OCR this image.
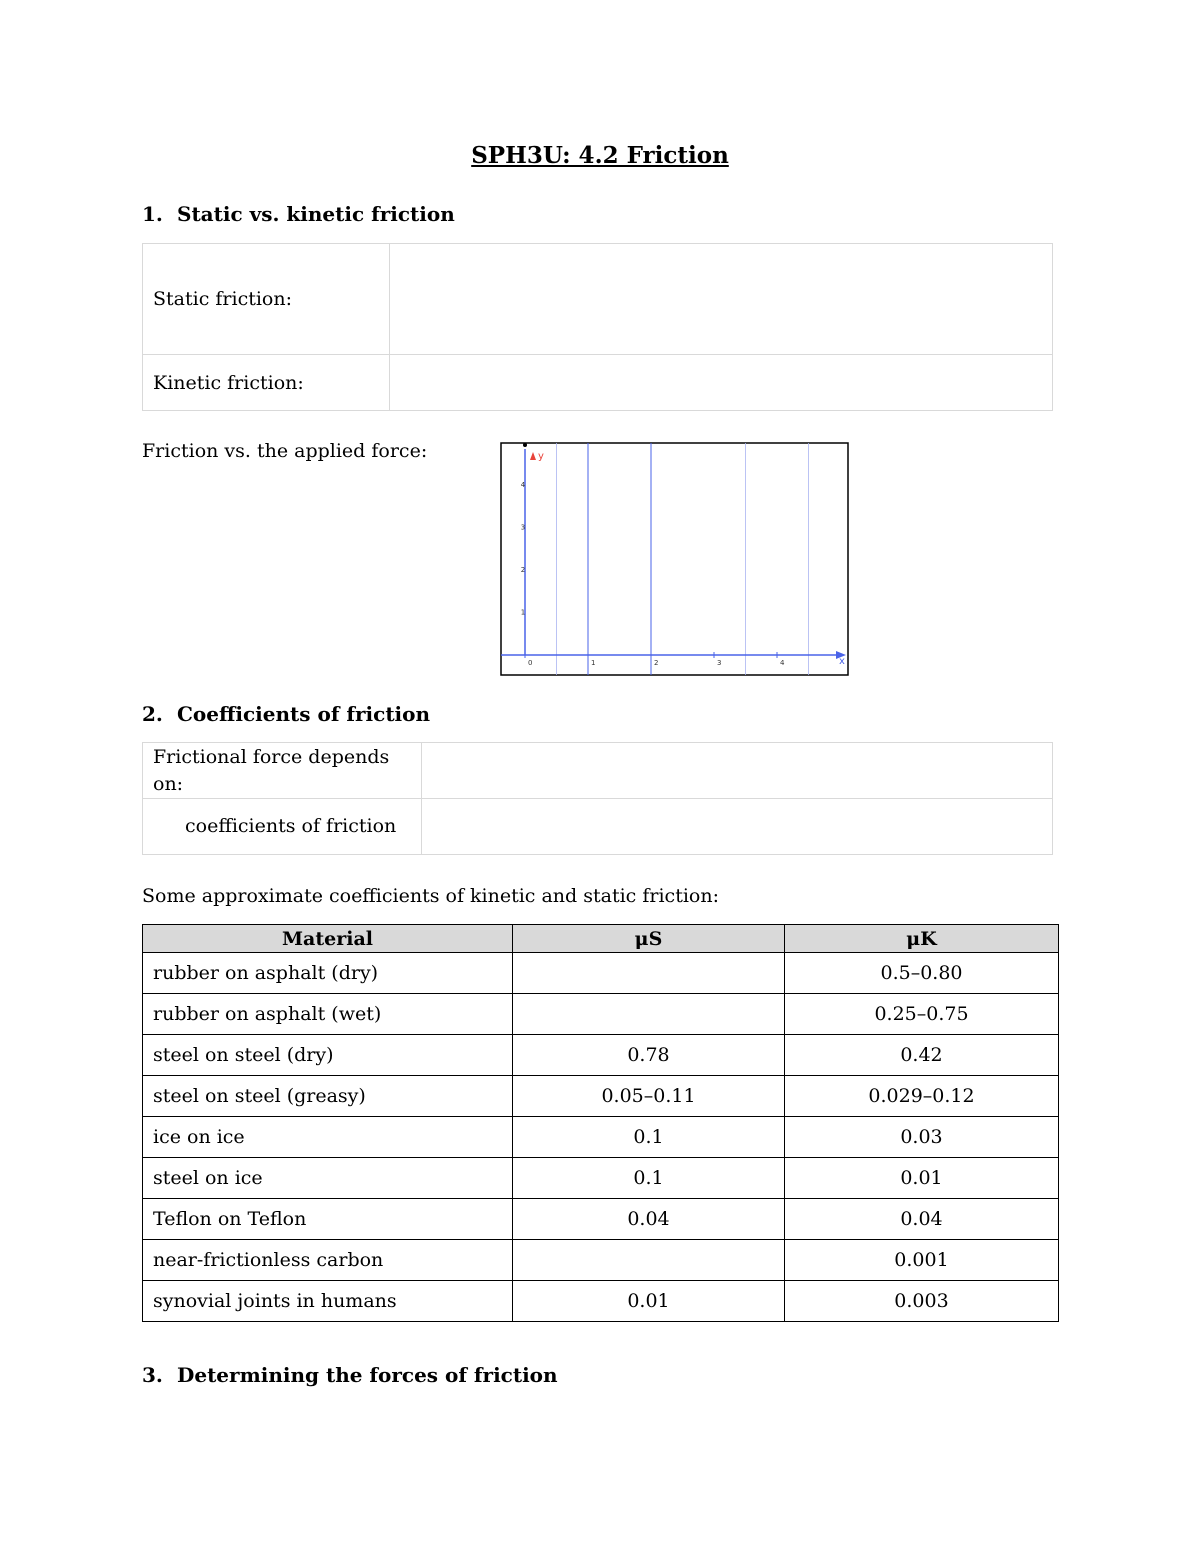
SPH3U: 4.2 Friction
1. Static vs. kinetic friction
Static friction:	
Kinetic friction:	
Friction vs. the applied force:
x
y
0	1	2	3	4
1
2
3
4
2. Coefficients of friction
Frictional force depends on:	
coefficients of friction	
Some approximate coefficients of kinetic and static friction:
Material	μS	μK
rubber on asphalt (dry)		0.5–0.80
rubber on asphalt (wet)		0.25–0.75
steel on steel (dry)	0.78	0.42
steel on steel (greasy)	0.05–0.11	0.029–0.12
ice on ice	0.1	0.03
steel on ice	0.1	0.01
Teflon on Teflon	0.04	0.04
near-frictionless carbon		0.001
synovial joints in humans	0.01	0.003
3. Determining the forces of friction
